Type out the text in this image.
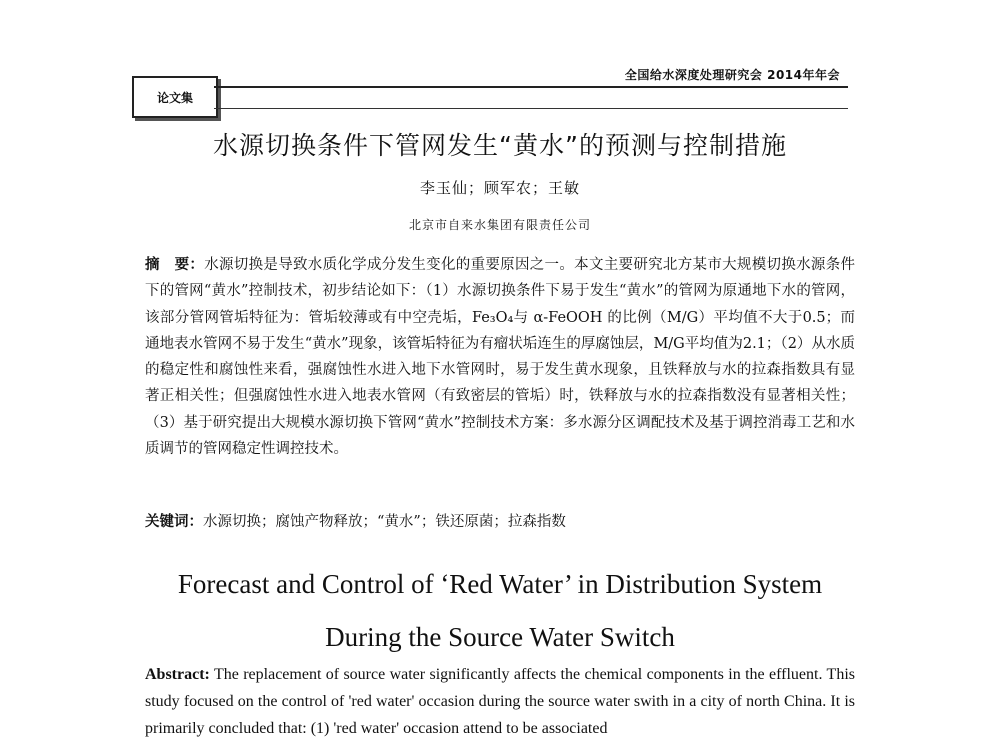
全国给水深度处理研究会 2014年年会
论文集
水源切换条件下管网发生“黄水”的预测与控制措施
李玉仙；顾军农；王敏
北京市自来水集团有限责任公司
摘　要：水源切换是导致水质化学成分发生变化的重要原因之一。本文主要研究北方某市大规模切换水源条件下的管网“黄水”控制技术，初步结论如下：（1）水源切换条件下易于发生“黄水”的管网为原通地下水的管网，该部分管网管垢特征为：管垢较薄或有中空壳垢，Fe₃O₄与 α-FeOOH 的比例（M/G）平均值不大于0.5；而通地表水管网不易于发生“黄水”现象，该管垢特征为有瘤状垢连生的厚腐蚀层，M/G平均值为2.1；（2）从水质的稳定性和腐蚀性来看，强腐蚀性水进入地下水管网时，易于发生黄水现象，且铁释放与水的拉森指数具有显著正相关性；但强腐蚀性水进入地表水管网（有致密层的管垢）时，铁释放与水的拉森指数没有显著相关性；（3）基于研究提出大规模水源切换下管网“黄水”控制技术方案：多水源分区调配技术及基于调控消毒工艺和水质调节的管网稳定性调控技术。
关键词：水源切换；腐蚀产物释放；“黄水”；铁还原菌；拉森指数
Forecast and Control of ‘Red Water’ in Distribution System
During the Source Water Switch
Abstract: The replacement of source water significantly affects the chemical components in the effluent. This study focused on the control of 'red water' occasion during the source water swith in a city of north China. It is primarily concluded that: (1) 'red water' occasion attend to be associated
